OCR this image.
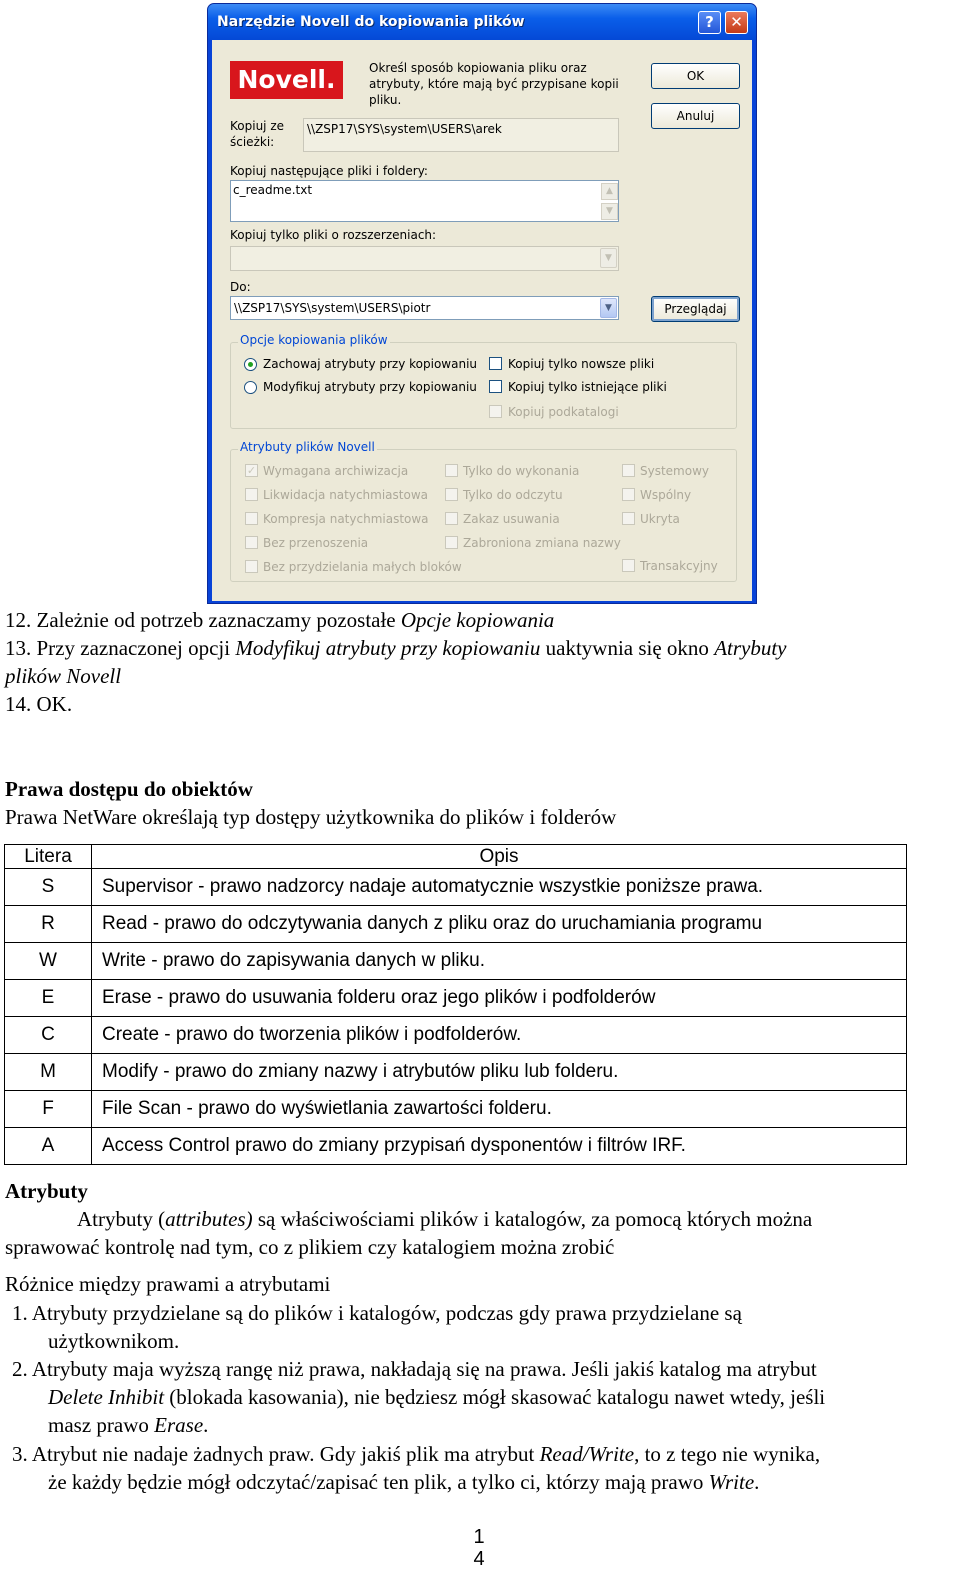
Narzędzie Novell do kopiowania plików	?	✕
Novell.	Określ sposób kopiowania pliku oraz
atrybuty, które mają być przypisane kopii
pliku.
OK
Anuluj
Kopiuj ze
ścieżki:
\\ZSP17\SYS\system\USERS\arek
Kopiuj następujące pliki i foldery:
c_readme.txt	▲
▼
Kopiuj tylko pliki o rozszerzeniach:
▼
Do:
\\ZSP17\SYS\system\USERS\piotr	▼	Przeglądaj
Opcje kopiowania plików
Zachowaj atrybuty przy kopiowaniu
Modyfikuj atrybuty przy kopiowaniu
Kopiuj tylko nowsze pliki
Kopiuj tylko istniejące pliki
Kopiuj podkatalogi
Atrybuty plików Novell
✓ Wymagana archiwizacja
Likwidacja natychmiastowa
Kompresja natychmiastowa
Bez przenoszenia
Bez przydzielania małych bloków
Tylko do wykonania
Tylko do odczytu
Zakaz usuwania
Zabroniona zmiana nazwy
Systemowy
Wspólny
Ukryta
Transakcyjny
12. Zależnie od potrzeb zaznaczamy pozostałe Opcje kopiowania
13. Przy zaznaczonej opcji Modyfikuj atrybuty przy kopiowaniu uaktywnia się okno Atrybuty
plików Novell
14. OK.
Prawa dostępu do obiektów
Prawa NetWare określają typ dostępy użytkownika do plików i folderów
Litera	Opis
S	Supervisor - prawo nadzorcy nadaje automatycznie wszystkie poniższe prawa.
R	Read - prawo do odczytywania danych z pliku oraz do uruchamiania programu
W	Write - prawo do zapisywania danych w pliku.
E	Erase - prawo do usuwania folderu oraz jego plików i podfolderów
C	Create - prawo do tworzenia plików i podfolderów.
M	Modify - prawo do zmiany nazwy i atrybutów pliku lub folderu.
F	File Scan - prawo do wyświetlania zawartości folderu.
A	Access Control prawo do zmiany przypisań dysponentów i filtrów IRF.
Atrybuty
Atrybuty (attributes) są właściwościami plików i katalogów, za pomocą których można
sprawować kontrolę nad tym, co z plikiem czy katalogiem można zrobić
Różnice między prawami a atrybutami
1. Atrybuty przydzielane są do plików i katalogów, podczas gdy prawa przydzielane są
użytkownikom.
2. Atrybuty maja wyższą rangę niż prawa, nakładają się na prawa. Jeśli jakiś katalog ma atrybut
Delete Inhibit (blokada kasowania), nie będziesz mógł skasować katalogu nawet wtedy, jeśli
masz prawo Erase.
3. Atrybut nie nadaje żadnych praw. Gdy jakiś plik ma atrybut Read/Write, to z tego nie wynika,
że każdy będzie mógł odczytać/zapisać ten plik, a tylko ci, którzy mają prawo Write.
1
4
